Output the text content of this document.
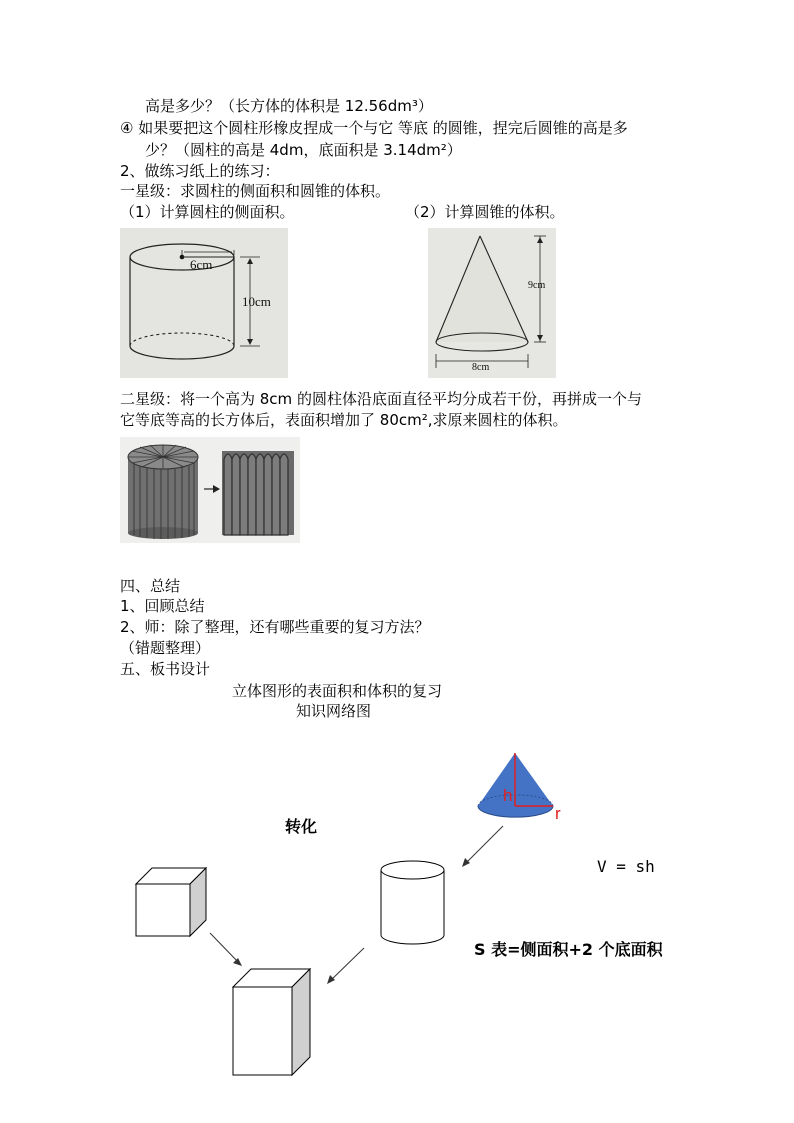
高是多少？（长方体的体积是 12.56dm³）
④ 如果要把这个圆柱形橡皮捏成一个与它 等底 的圆锥，捏完后圆锥的高是多
少？（圆柱的高是 4dm，底面积是 3.14dm²）
2、做练习纸上的练习：
一星级：求圆柱的侧面积和圆锥的体积。
（1）计算圆柱的侧面积。	（2）计算圆锥的体积。
6cm
10cm
9cm
8cm
二星级：将一个高为 8cm 的圆柱体沿底面直径平均分成若干份，再拼成一个与
它等底等高的长方体后，表面积增加了 80cm²,求原来圆柱的体积。
四、总结
1、回顾总结
2、师：除了整理，还有哪些重要的复习方法？
（错题整理）
五、板书设计
立体图形的表面积和体积的复习
知识网络图
h
r
转化
V = sh
S 表=侧面积+2 个底面积
